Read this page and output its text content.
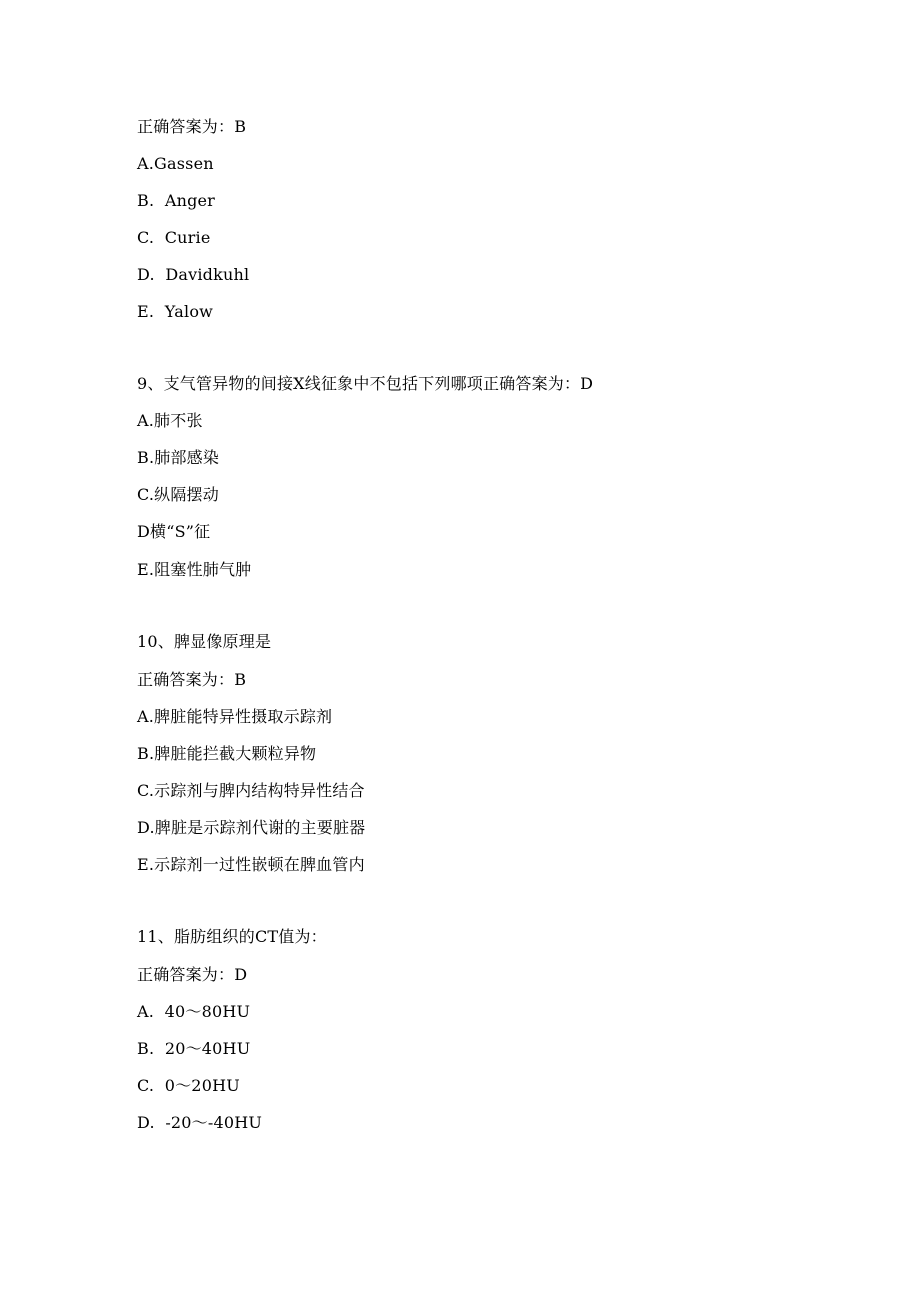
正确答案为：B
A.Gassen
B.  Anger
C.  Curie
D.  Davidkuhl
E.  Yalow
9、支气管异物的间接X线征象中不包括下列哪项正确答案为：D
A.肺不张
B.肺部感染
C.纵隔摆动
D横“S”征
E.阻塞性肺气肿
10、脾显像原理是
正确答案为：B
A.脾脏能特异性摄取示踪剂
B.脾脏能拦截大颗粒异物
C.示踪剂与脾内结构特异性结合
D.脾脏是示踪剂代谢的主要脏器
E.示踪剂一过性嵌顿在脾血管内
11、脂肪组织的CT值为：
正确答案为：D
A.  40～80HU
B.  20～40HU
C.  0～20HU
D.  -20～-40HU
